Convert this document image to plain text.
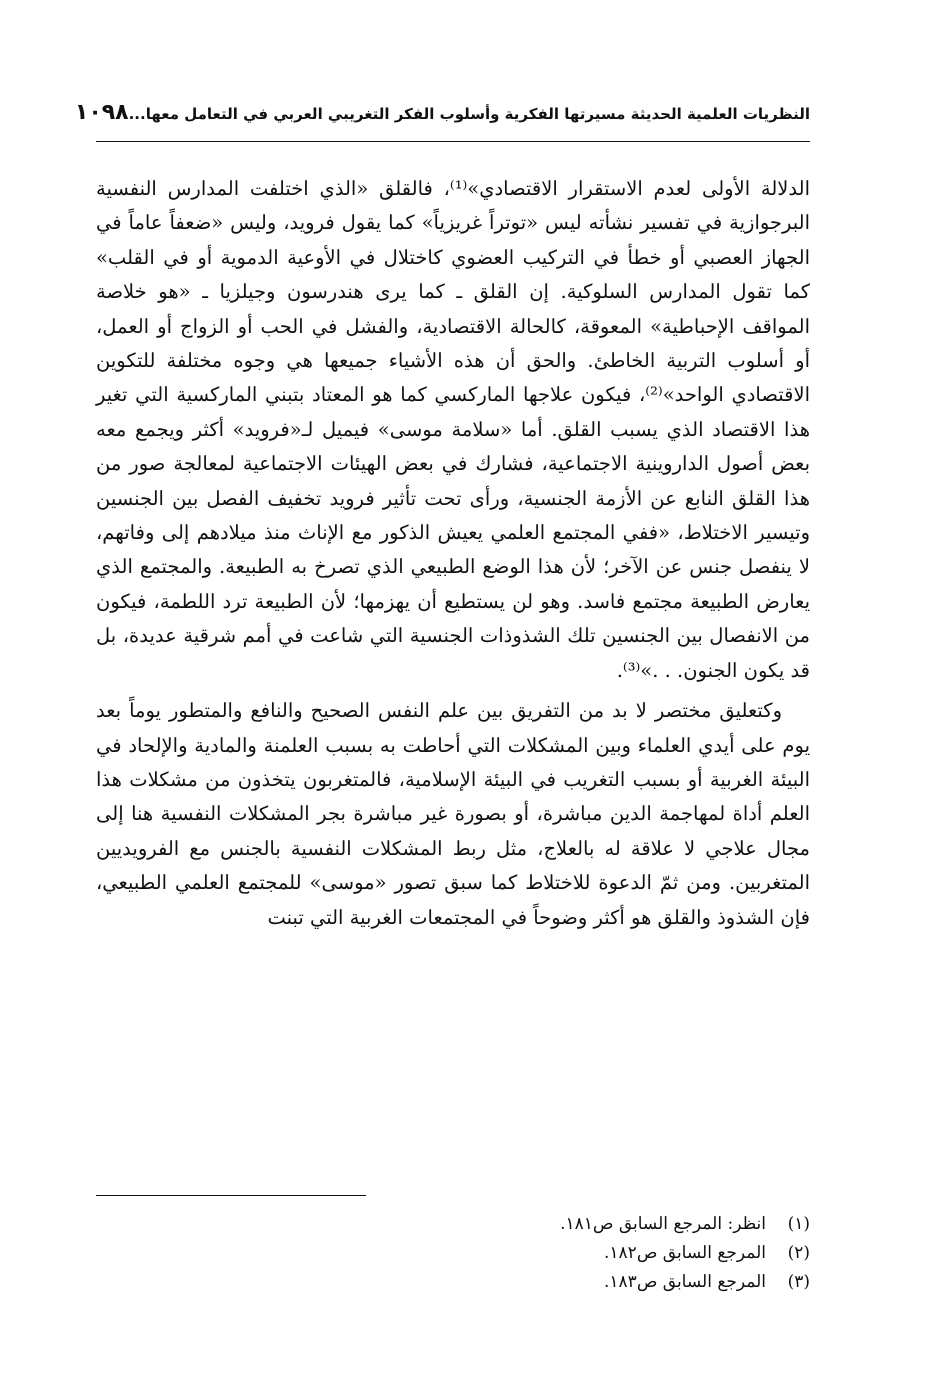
النظريات العلمية الحديثة مسيرتها الفكرية وأسلوب الفكر التغريبي العربي في التعامل معها...
١٠٩٨

الدلالة الأولى لعدم الاستقرار الاقتصادي»⁽¹⁾، فالقلق «الذي اختلفت المدارس النفسية البرجوازية في تفسير نشأته ليس «توتراً غريزياً» كما يقول فرويد، وليس «ضعفاً عاماً في الجهاز العصبي أو خطأ في التركيب العضوي كاختلال في الأوعية الدموية أو في القلب» كما تقول المدارس السلوكية. إن القلق ـ كما يرى هندرسون وجيلزيا ـ «هو خلاصة المواقف الإحباطية» المعوقة، كالحالة الاقتصادية، والفشل في الحب أو الزواج أو العمل، أو أسلوب التربية الخاطئ. والحق أن هذه الأشياء جميعها هي وجوه مختلفة للتكوين الاقتصادي الواحد»⁽²⁾، فيكون علاجها الماركسي كما هو المعتاد بتبني الماركسية التي تغير هذا الاقتصاد الذي يسبب القلق. أما «سلامة موسى» فيميل لـ«فرويد» أكثر ويجمع معه بعض أصول الداروينية الاجتماعية، فشارك في بعض الهيئات الاجتماعية لمعالجة صور من هذا القلق النابع عن الأزمة الجنسية، ورأى تحت تأثير فرويد تخفيف الفصل بين الجنسين وتيسير الاختلاط، «ففي المجتمع العلمي يعيش الذكور مع الإناث منذ ميلادهم إلى وفاتهم، لا ينفصل جنس عن الآخر؛ لأن هذا الوضع الطبيعي الذي تصرخ به الطبيعة. والمجتمع الذي يعارض الطبيعة مجتمع فاسد. وهو لن يستطيع أن يهزمها؛ لأن الطبيعة ترد اللطمة، فيكون من الانفصال بين الجنسين تلك الشذوذات الجنسية التي شاعت في أمم شرقية عديدة، بل قد يكون الجنون. . .»⁽³⁾.

وكتعليق مختصر لا بد من التفريق بين علم النفس الصحيح والنافع والمتطور يوماً بعد يوم على أيدي العلماء وبين المشكلات التي أحاطت به بسبب العلمنة والمادية والإلحاد في البيئة الغربية أو بسبب التغريب في البيئة الإسلامية، فالمتغربون يتخذون من مشكلات هذا العلم أداة لمهاجمة الدين مباشرة، أو بصورة غير مباشرة بجر المشكلات النفسية هنا إلى مجال علاجي لا علاقة له بالعلاج، مثل ربط المشكلات النفسية بالجنس مع الفرويديين المتغربين. ومن ثمّ الدعوة للاختلاط كما سبق تصور «موسى» للمجتمع العلمي الطبيعي، فإن الشذوذ والقلق هو أكثر وضوحاً في المجتمعات الغربية التي تبنت

(١)
انظر: المرجع السابق ص١٨١.
(٢)
المرجع السابق ص١٨٢.
(٣)
المرجع السابق ص١٨٣.
